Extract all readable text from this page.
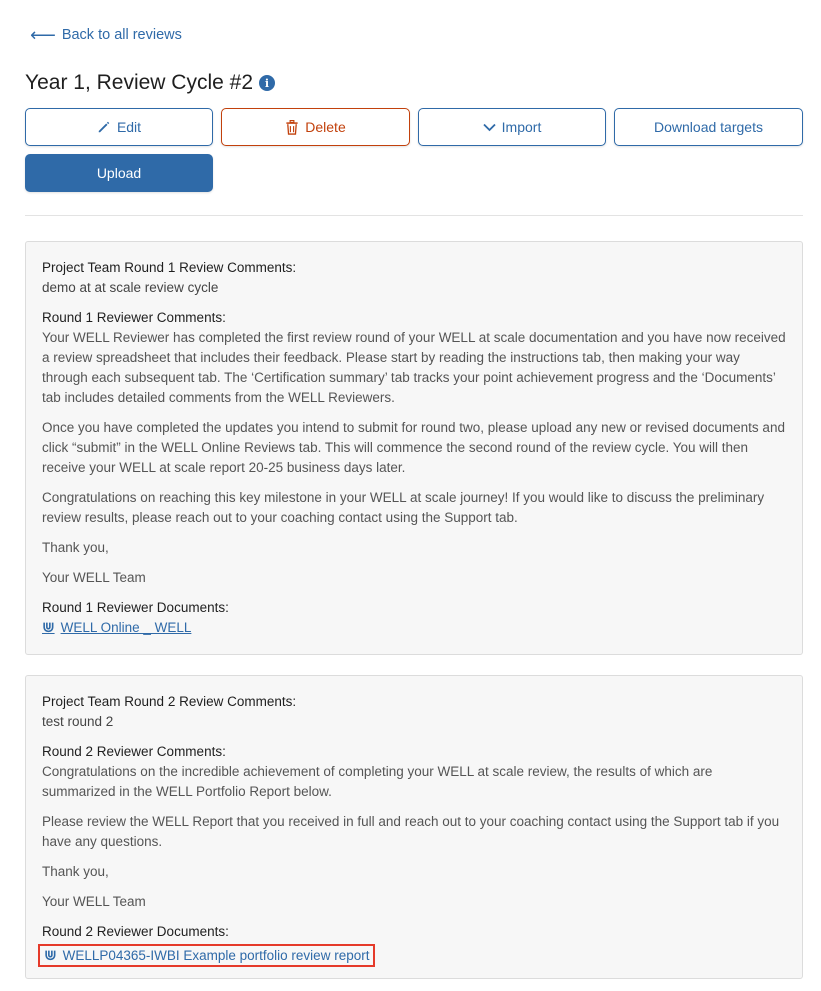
⟵ Back to all reviews
Year 1, Review Cycle #2	i
Edit	Delete	Import	Download targets
Upload
Project Team Round 1 Review Comments:
demo at at scale review cycle
Round 1 Reviewer Comments:

Your WELL Reviewer has completed the first review round of your WELL at scale documentation and you have now received a review spreadsheet that includes their feedback. Please start by reading the instructions tab, then making your way through each subsequent tab. The ‘Certification summary’ tab tracks your point achievement progress and the ‘Documents’ tab includes detailed comments from the WELL Reviewers.

Once you have completed the updates you intend to submit for round two, please upload any new or revised documents and click “submit” in the WELL Online Reviews tab. This will commence the second round of the review cycle. You will then receive your WELL at scale report 20-25 business days later.

Congratulations on reaching this key milestone in your WELL at scale journey! If you would like to discuss the preliminary review results, please reach out to your coaching contact using the Support tab.

Thank you,

Your WELL Team

Round 1 Reviewer Documents:
⋓ WELL Online _ WELL
Project Team Round 2 Review Comments:
test round 2
Round 2 Reviewer Comments:

Congratulations on the incredible achievement of completing your WELL at scale review, the results of which are summarized in the WELL Portfolio Report below.

Please review the WELL Report that you received in full and reach out to your coaching contact using the Support tab if you have any questions.

Thank you,

Your WELL Team

Round 2 Reviewer Documents:
⋓ WELLP04365-IWBI Example portfolio review report
